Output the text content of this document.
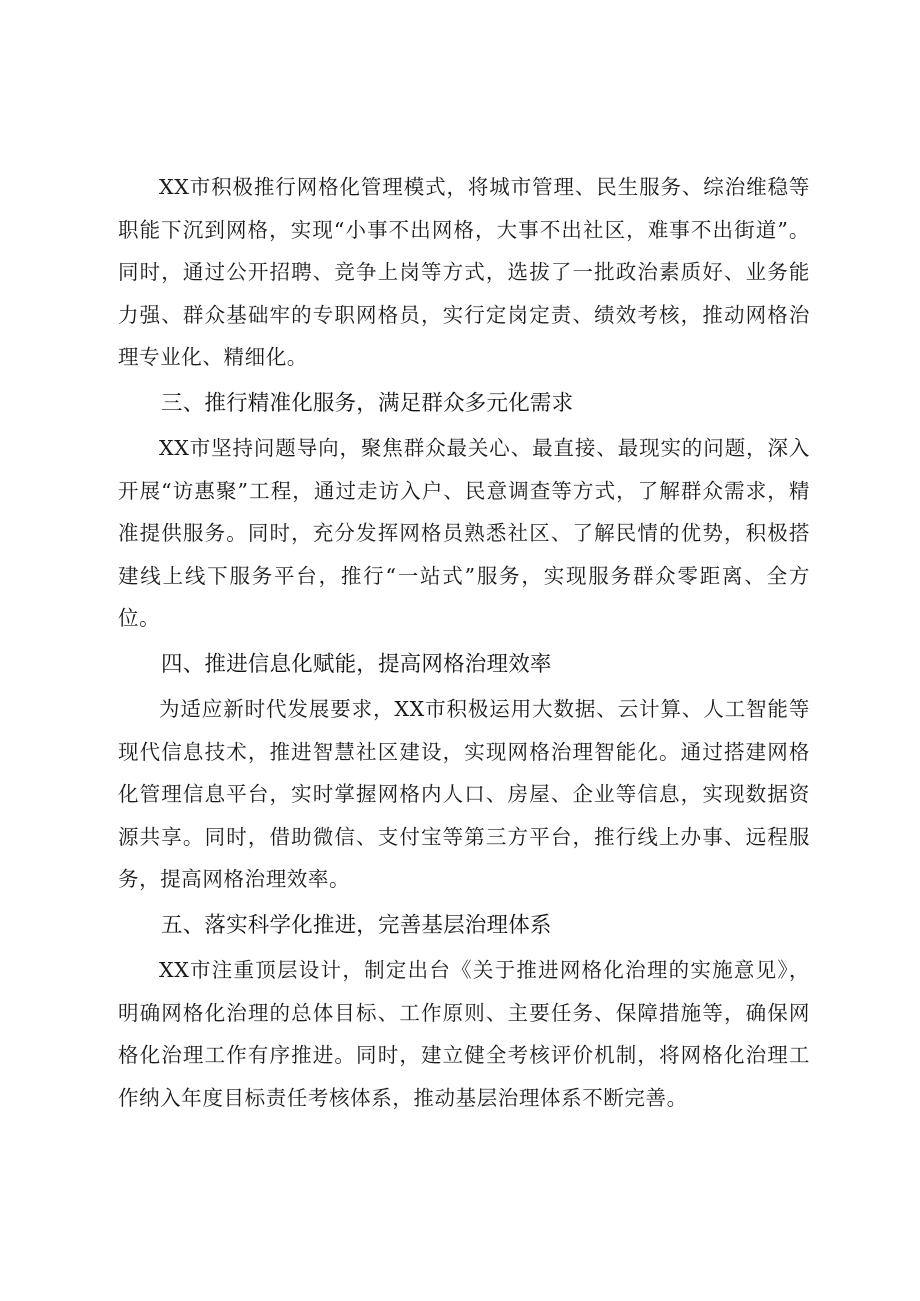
XX市积极推行网格化管理模式，将城市管理、民生服务、综治维稳等职能下沉到网格，实现“小事不出网格，大事不出社区，难事不出街道”。同时，通过公开招聘、竞争上岗等方式，选拔了一批政治素质好、业务能力强、群众基础牢的专职网格员，实行定岗定责、绩效考核，推动网格治理专业化、精细化。

三、推行精准化服务，满足群众多元化需求

XX市坚持问题导向，聚焦群众最关心、最直接、最现实的问题，深入开展“访惠聚”工程，通过走访入户、民意调查等方式，了解群众需求，精准提供服务。同时，充分发挥网格员熟悉社区、了解民情的优势，积极搭建线上线下服务平台，推行“一站式”服务，实现服务群众零距离、全方位。

四、推进信息化赋能，提高网格治理效率

为适应新时代发展要求，XX市积极运用大数据、云计算、人工智能等现代信息技术，推进智慧社区建设，实现网格治理智能化。通过搭建网格化管理信息平台，实时掌握网格内人口、房屋、企业等信息，实现数据资源共享。同时，借助微信、支付宝等第三方平台，推行线上办事、远程服务，提高网格治理效率。

五、落实科学化推进，完善基层治理体系

XX市注重顶层设计，制定出台《关于推进网格化治理的实施意见》，明确网格化治理的总体目标、工作原则、主要任务、保障措施等，确保网格化治理工作有序推进。同时，建立健全考核评价机制，将网格化治理工作纳入年度目标责任考核体系，推动基层治理体系不断完善。
